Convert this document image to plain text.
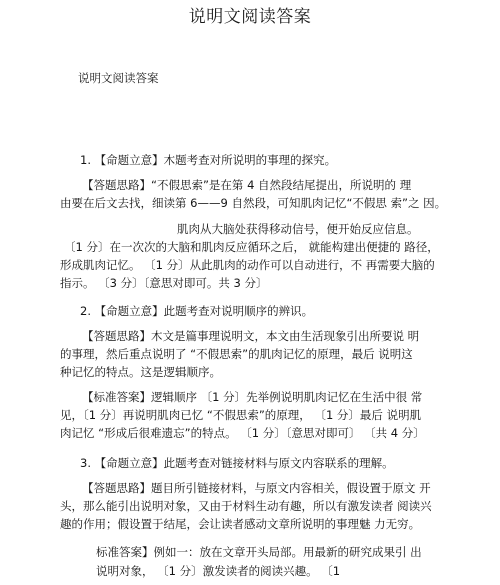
说明文阅读答案
说明文阅读答案
1. 【命题立意】木题考查对所说明的事理的探究。
【答题思路】“不假思索”是在第 4 自然段结尾提出，所说明的 理
由要在后文去找，细读第 6——9 自然段，可知肌肉记忆“不假思 索”之 因。
肌肉从大脑处获得移动信号，便开始反应信息。
〔1 分〕在一次次的大脑和肌肉反应循环之后， 就能构建出便捷的 路径，
形成肌肉记忆。 〔1 分〕从此肌肉的动作可以自动进行，不 再需要大脑的
指示。 〔3 分〕〔意思对即可。共 3 分〕
2. 【命题立意】此题考查对说明顺序的辨识。
【答题思路】木文是篇事理说明文，本文由生活现象引出所要说 明
的事理，然后重点说明了 “不假思索”的肌肉记忆的原理，最后 说明这
种记忆的特点。这是逻辑顺序。
【标准答案】逻辑顺序 〔1 分〕先举例说明肌肉记忆在生活中很 常
见，〔1 分〕再说明肌肉已忆 “不假思索”的原理， 〔1 分〕最后 说明肌
肉记忆 “形成后很难遗忘”的特点。 〔1 分〕〔意思对即可〕 〔共 4 分〕
3. 【命题立意】此题考查对链接材料与原文内容联系的理解。
【答题思路】题目所引链接材料，与原文内容相关，假设置于原文 开
头，那么能引出说明对象，又由于材料生动有趣，所以有激发读者 阅读兴
趣的作用；假设置于结尾，会让读者感动文章所说明的事理魅 力无穷。
标准答案】例如一：放在文章开头局部。用最新的研究成果引 出
说明对象， 〔1 分〕激发读者的阅读兴趣。 〔1
